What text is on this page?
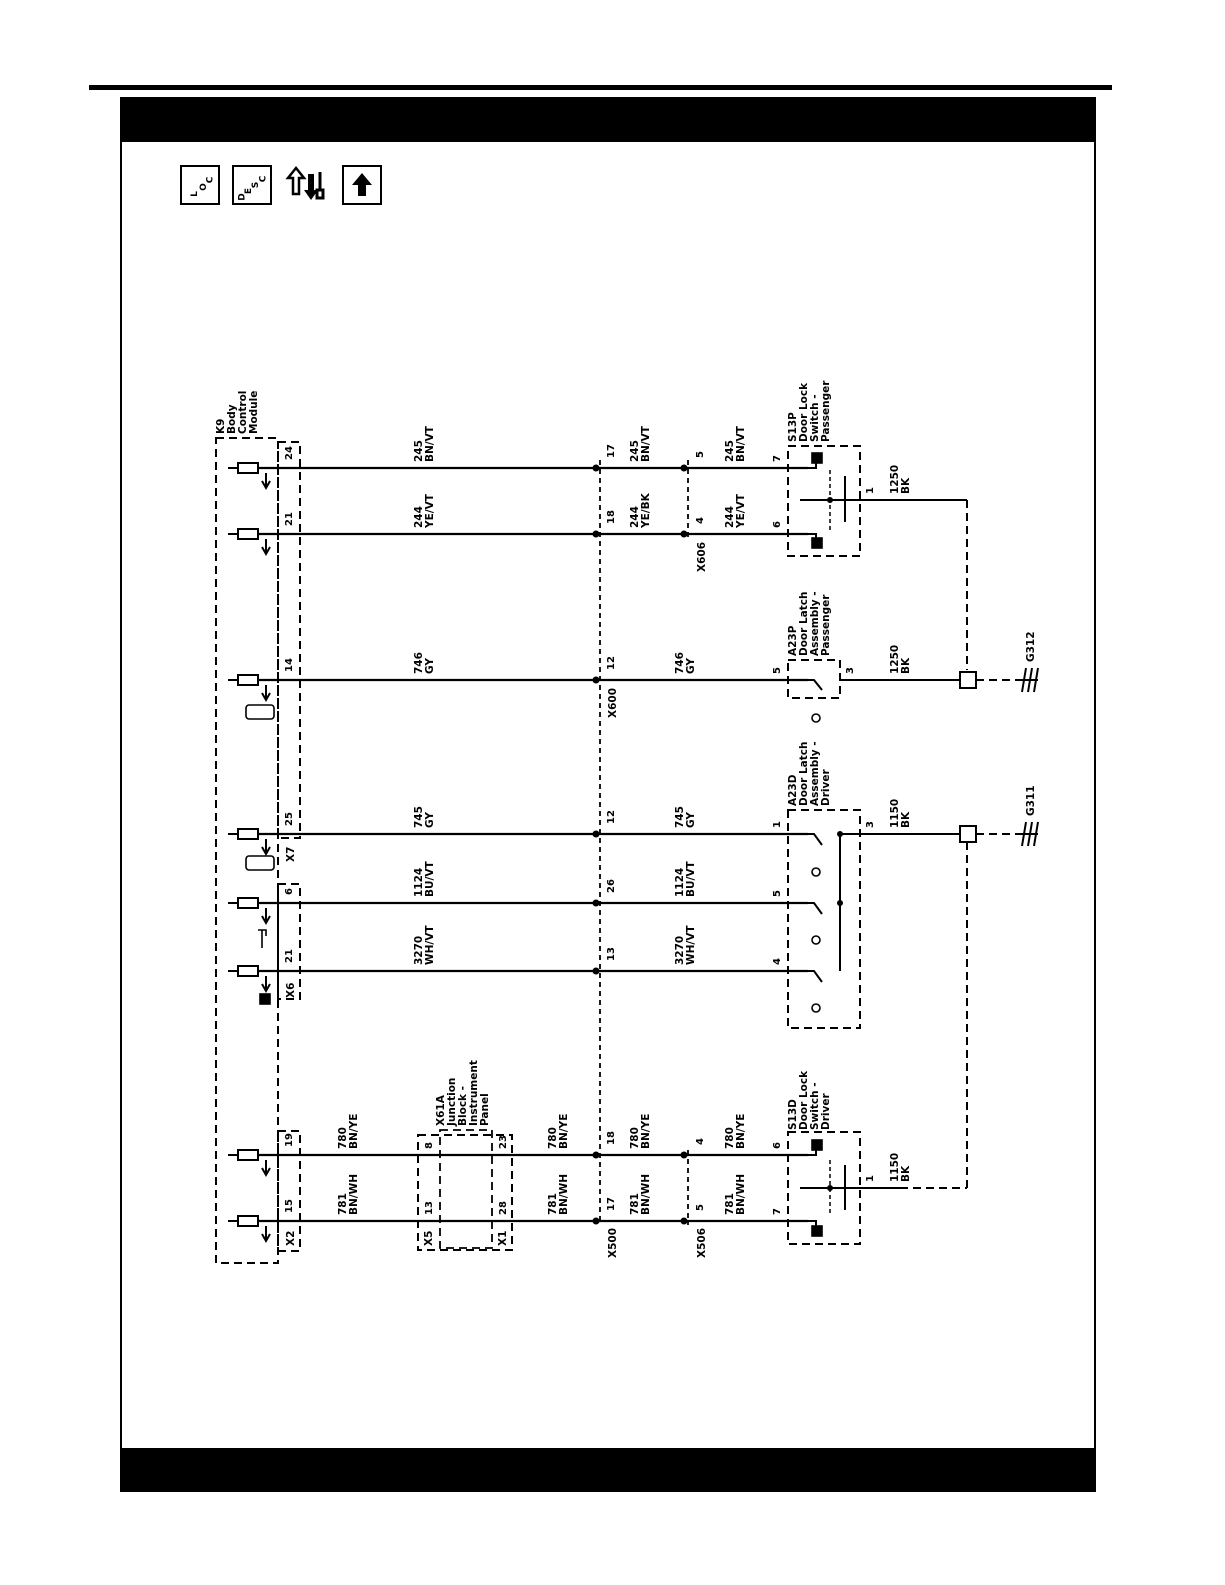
L
O
C
D
E
S
C
K9 Body Control Module	S13P Door Lock Switch - Passenger
A23P Door Latch Assembly - Passenger
A23D Door Latch Assembly - Driver
S13D Door Lock Switch - Driver
X61A Junction Block - Instrument Panel
X7
X6
X2	X5	X1
X600
X606
X500	X506
G312
G311
245 BN/VT	245 BN/VT	245 BN/VT
244 YE/VT	244 YE/BK	244 YE/VT
746 GY	746 GY
745 GY	745 GY
1124 BU/VT	1124 BU/VT
3270 WH/VT	3270 WH/VT
780 BN/YE	780 BN/YE	780 BN/YE	780 BN/YE
781 BN/WH	781 BN/WH	781 BN/WH	781 BN/WH
1250 BK
1250 BK
1150 BK
1150 BK
24
21
14
25
6
21
19
15
17
18
12
12
26
13
18
17
5
4
4
5
7
6
1
5	3
1
5
4
3
8
13
23
28
6
7
1
